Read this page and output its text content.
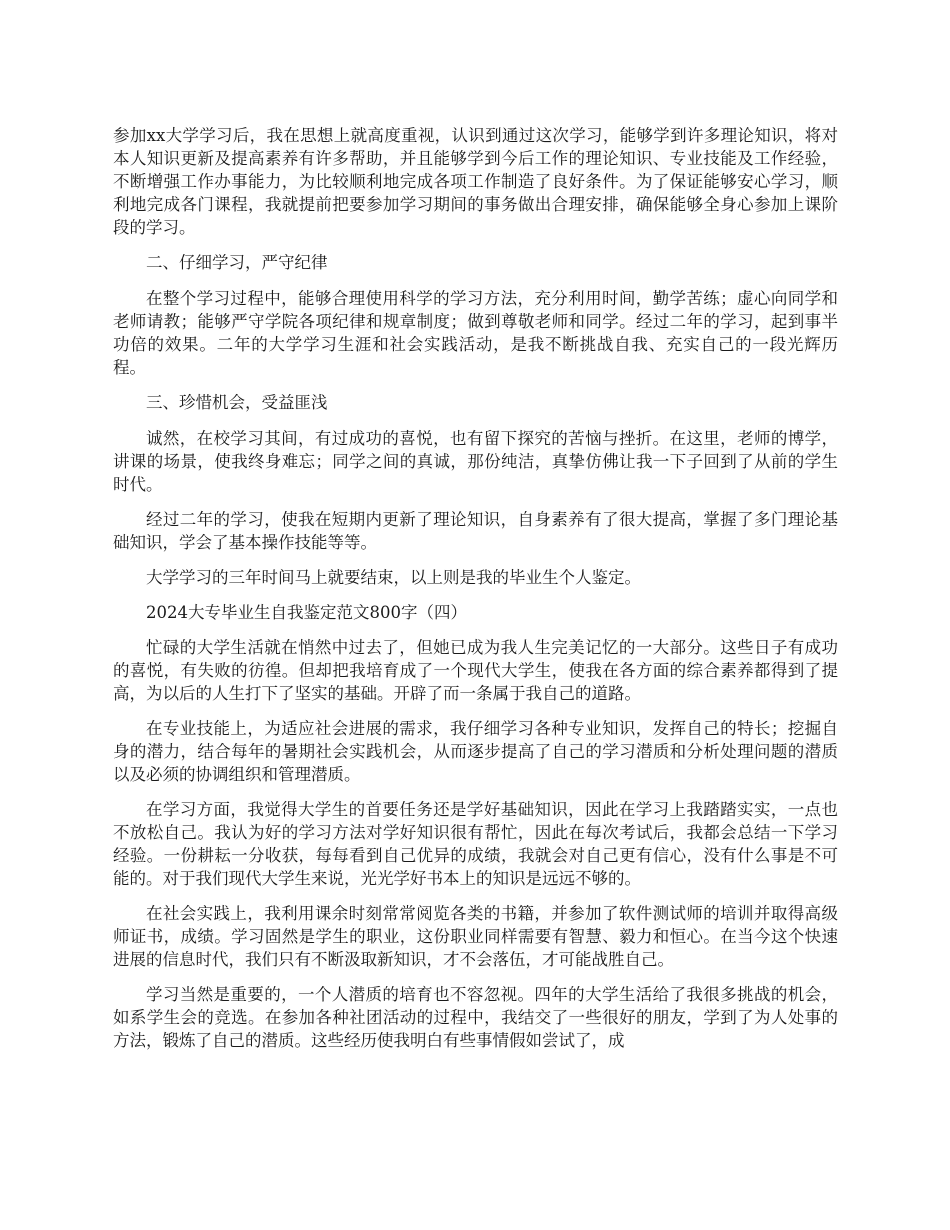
参加xx大学学习后，我在思想上就高度重视，认识到通过这次学习，能够学到许多理论知识，将对本人知识更新及提高素养有许多帮助，并且能够学到今后工作的理论知识、专业技能及工作经验，不断增强工作办事能力，为比较顺利地完成各项工作制造了良好条件。为了保证能够安心学习，顺利地完成各门课程，我就提前把要参加学习期间的事务做出合理安排，确保能够全身心参加上课阶段的学习。

二、仔细学习，严守纪律

在整个学习过程中，能够合理使用科学的学习方法，充分利用时间，勤学苦练；虚心向同学和老师请教；能够严守学院各项纪律和规章制度；做到尊敬老师和同学。经过二年的学习，起到事半功倍的效果。二年的大学学习生涯和社会实践活动，是我不断挑战自我、充实自己的一段光辉历程。

三、珍惜机会，受益匪浅

诚然，在校学习其间，有过成功的喜悦，也有留下探究的苦恼与挫折。在这里，老师的博学，讲课的场景，使我终身难忘；同学之间的真诚，那份纯洁，真挚仿佛让我一下子回到了从前的学生时代。

经过二年的学习，使我在短期内更新了理论知识，自身素养有了很大提高，掌握了多门理论基础知识，学会了基本操作技能等等。

大学学习的三年时间马上就要结束，以上则是我的毕业生个人鉴定。

2024大专毕业生自我鉴定范文800字（四）

忙碌的大学生活就在悄然中过去了，但她已成为我人生完美记忆的一大部分。这些日子有成功的喜悦，有失败的彷徨。但却把我培育成了一个现代大学生，使我在各方面的综合素养都得到了提高，为以后的人生打下了坚实的基础。开辟了而一条属于我自己的道路。

在专业技能上，为适应社会进展的需求，我仔细学习各种专业知识，发挥自己的特长；挖掘自身的潜力，结合每年的暑期社会实践机会，从而逐步提高了自己的学习潜质和分析处理问题的潜质以及必须的协调组织和管理潜质。

在学习方面，我觉得大学生的首要任务还是学好基础知识，因此在学习上我踏踏实实，一点也不放松自己。我认为好的学习方法对学好知识很有帮忙，因此在每次考试后，我都会总结一下学习经验。一份耕耘一分收获，每每看到自己优异的成绩，我就会对自己更有信心，没有什么事是不可能的。对于我们现代大学生来说，光光学好书本上的知识是远远不够的。

在社会实践上，我利用课余时刻常常阅览各类的书籍，并参加了软件测试师的培训并取得高级师证书，成绩。学习固然是学生的职业，这份职业同样需要有智慧、毅力和恒心。在当今这个快速进展的信息时代，我们只有不断汲取新知识，才不会落伍，才可能战胜自己。

学习当然是重要的，一个人潜质的培育也不容忽视。四年的大学生活给了我很多挑战的机会，如系学生会的竞选。在参加各种社团活动的过程中，我结交了一些很好的朋友，学到了为人处事的方法，锻炼了自己的潜质。这些经历使我明白有些事情假如尝试了，成
